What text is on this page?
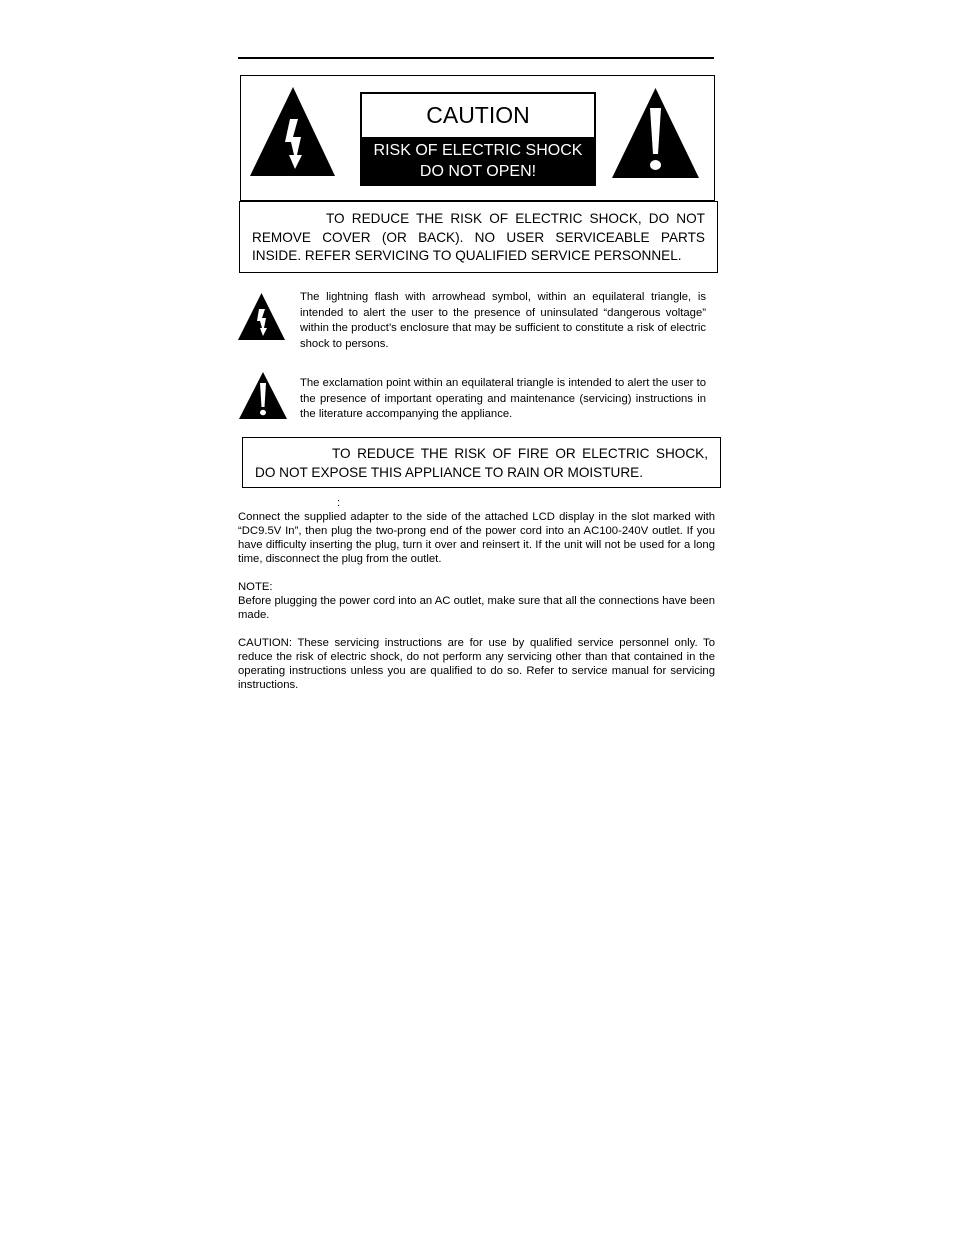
CAUTION
RISK OF ELECTRIC SHOCK
DO NOT OPEN!
TO REDUCE THE RISK OF ELECTRIC SHOCK, DO NOT REMOVE COVER (OR BACK). NO USER SERVICEABLE PARTS INSIDE. REFER SERVICING TO QUALIFIED SERVICE PERSONNEL.
The lightning flash with arrowhead symbol, within an equilateral triangle, is intended to alert the user to the presence of uninsulated “dangerous voltage” within the product’s enclosure that may be sufficient to constitute a risk of electric shock to persons.
The exclamation point within an equilateral triangle is intended to alert the user to the presence of important operating and maintenance (servicing) instructions in the literature accompanying the appliance.
TO REDUCE THE RISK OF FIRE OR ELECTRIC SHOCK, DO NOT EXPOSE THIS APPLIANCE TO RAIN OR MOISTURE.
:
Connect the supplied adapter to the side of the attached LCD display in the slot marked with “DC9.5V In”, then plug the two-prong end of the power cord into an AC100-240V outlet. If you have difficulty inserting the plug, turn it over and reinsert it. If the unit will not be used for a long time, disconnect the plug from the outlet.
NOTE:
Before plugging the power cord into an AC outlet, make sure that all the connections have been made.
CAUTION: These servicing instructions are for use by qualified service personnel only. To reduce the risk of electric shock, do not perform any servicing other than that contained in the operating instructions unless you are qualified to do so. Refer to service manual for servicing instructions.
